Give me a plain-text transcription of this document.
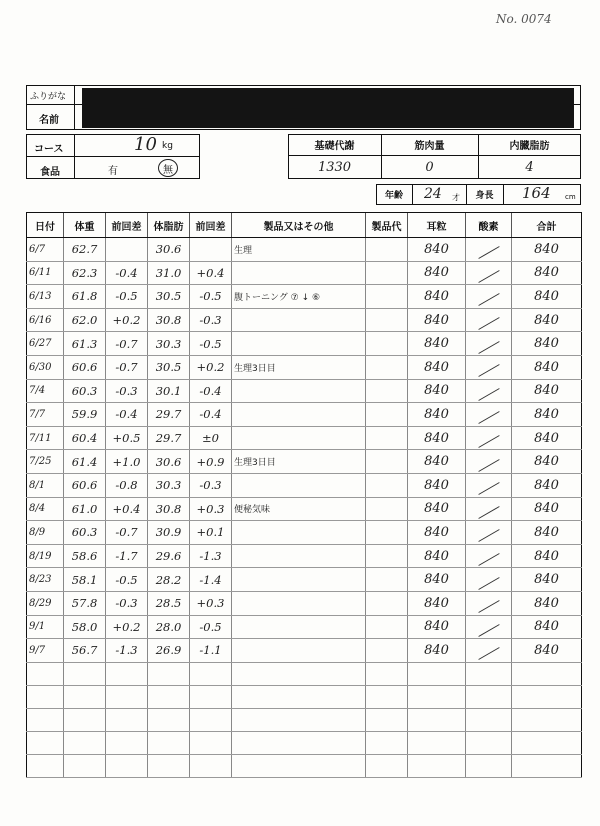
No. 0074
ふりがな
名前
コース	10 kg
食品	有	無
基礎代謝	筋肉量	内臓脂肪
1330	0	4
年齢	24 才	身長	164 cm
日付	体重	前回差	体脂肪	前回差	製品又はその他	製品代	耳粒	酸素	合計
6/7	62.7		30.6		生理		840		840
6/11	62.3	-0.4	31.0	+0.4			840		840
6/13	61.8	-0.5	30.5	-0.5	腹トーニング ⑦ ↓ ⑥		840		840
6/16	62.0	+0.2	30.8	-0.3			840		840
6/27	61.3	-0.7	30.3	-0.5			840		840
6/30	60.6	-0.7	30.5	+0.2	生理3日目		840		840
7/4	60.3	-0.3	30.1	-0.4			840		840
7/7	59.9	-0.4	29.7	-0.4			840		840
7/11	60.4	+0.5	29.7	±0			840		840
7/25	61.4	+1.0	30.6	+0.9	生理3日目		840		840
8/1	60.6	-0.8	30.3	-0.3			840		840
8/4	61.0	+0.4	30.8	+0.3	便秘気味		840		840
8/9	60.3	-0.7	30.9	+0.1			840		840
8/19	58.6	-1.7	29.6	-1.3			840		840
8/23	58.1	-0.5	28.2	-1.4			840		840
8/29	57.8	-0.3	28.5	+0.3			840		840
9/1	58.0	+0.2	28.0	-0.5			840		840
9/7	56.7	-1.3	26.9	-1.1			840		840
